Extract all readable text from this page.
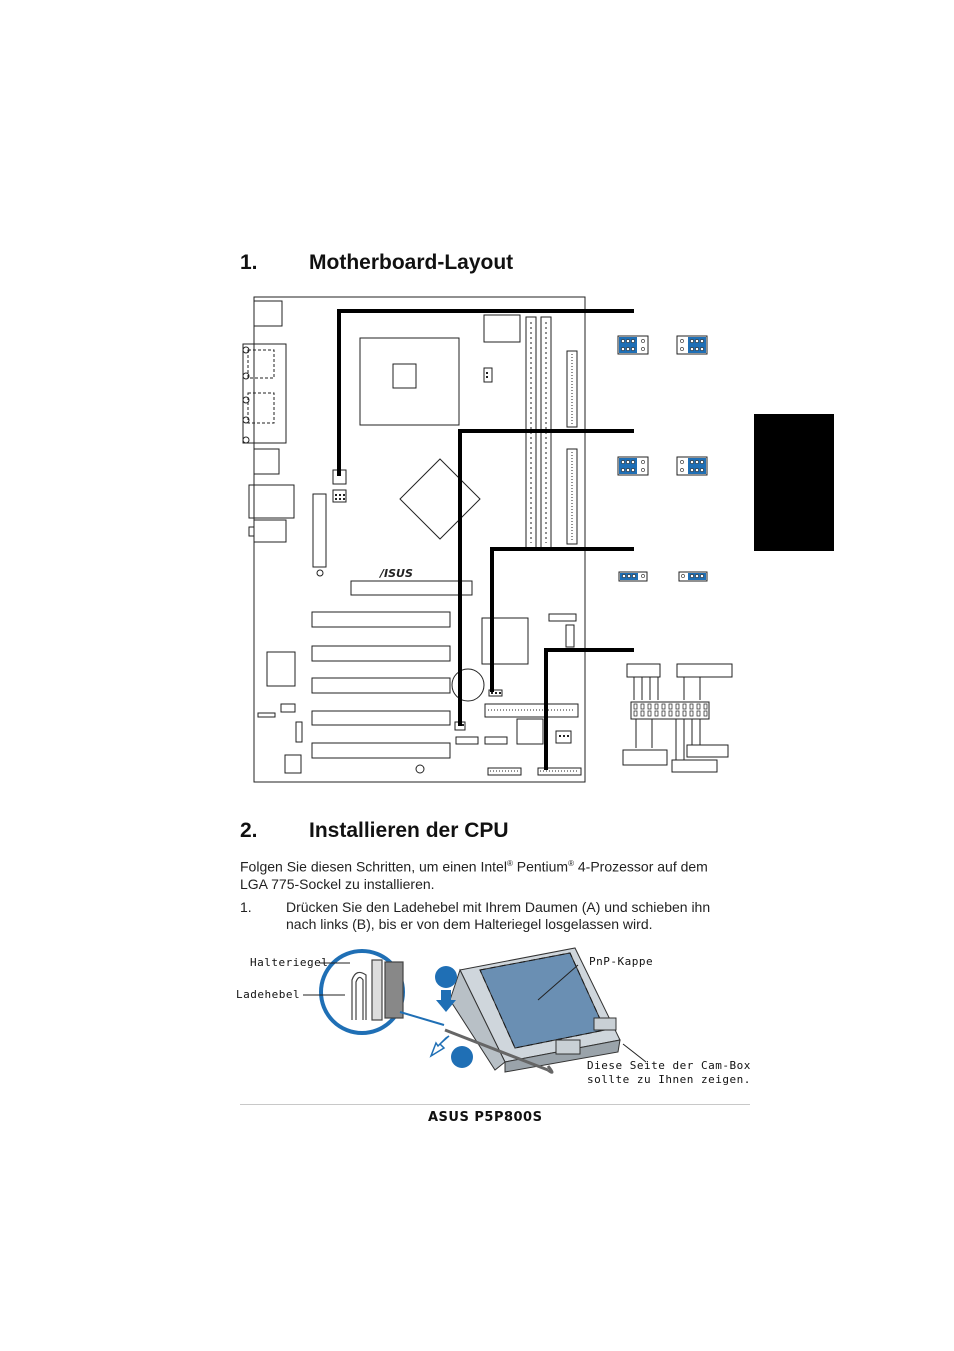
1. Motherboard-Layout
/ISUS
2. Installieren der CPU
Folgen Sie diesen Schritten, um einen Intel® Pentium® 4-Prozessor auf dem
LGA 775-Sockel zu installieren.
1. Drücken Sie den Ladehebel mit Ihrem Daumen (A) und schieben ihn
nach links (B), bis er von dem Halteriegel losgelassen wird.
Halteriegel
Ladehebel
PnP-Kappe
Diese Seite der Cam-Box
sollte zu Ihnen zeigen.
ASUS P5P800S
